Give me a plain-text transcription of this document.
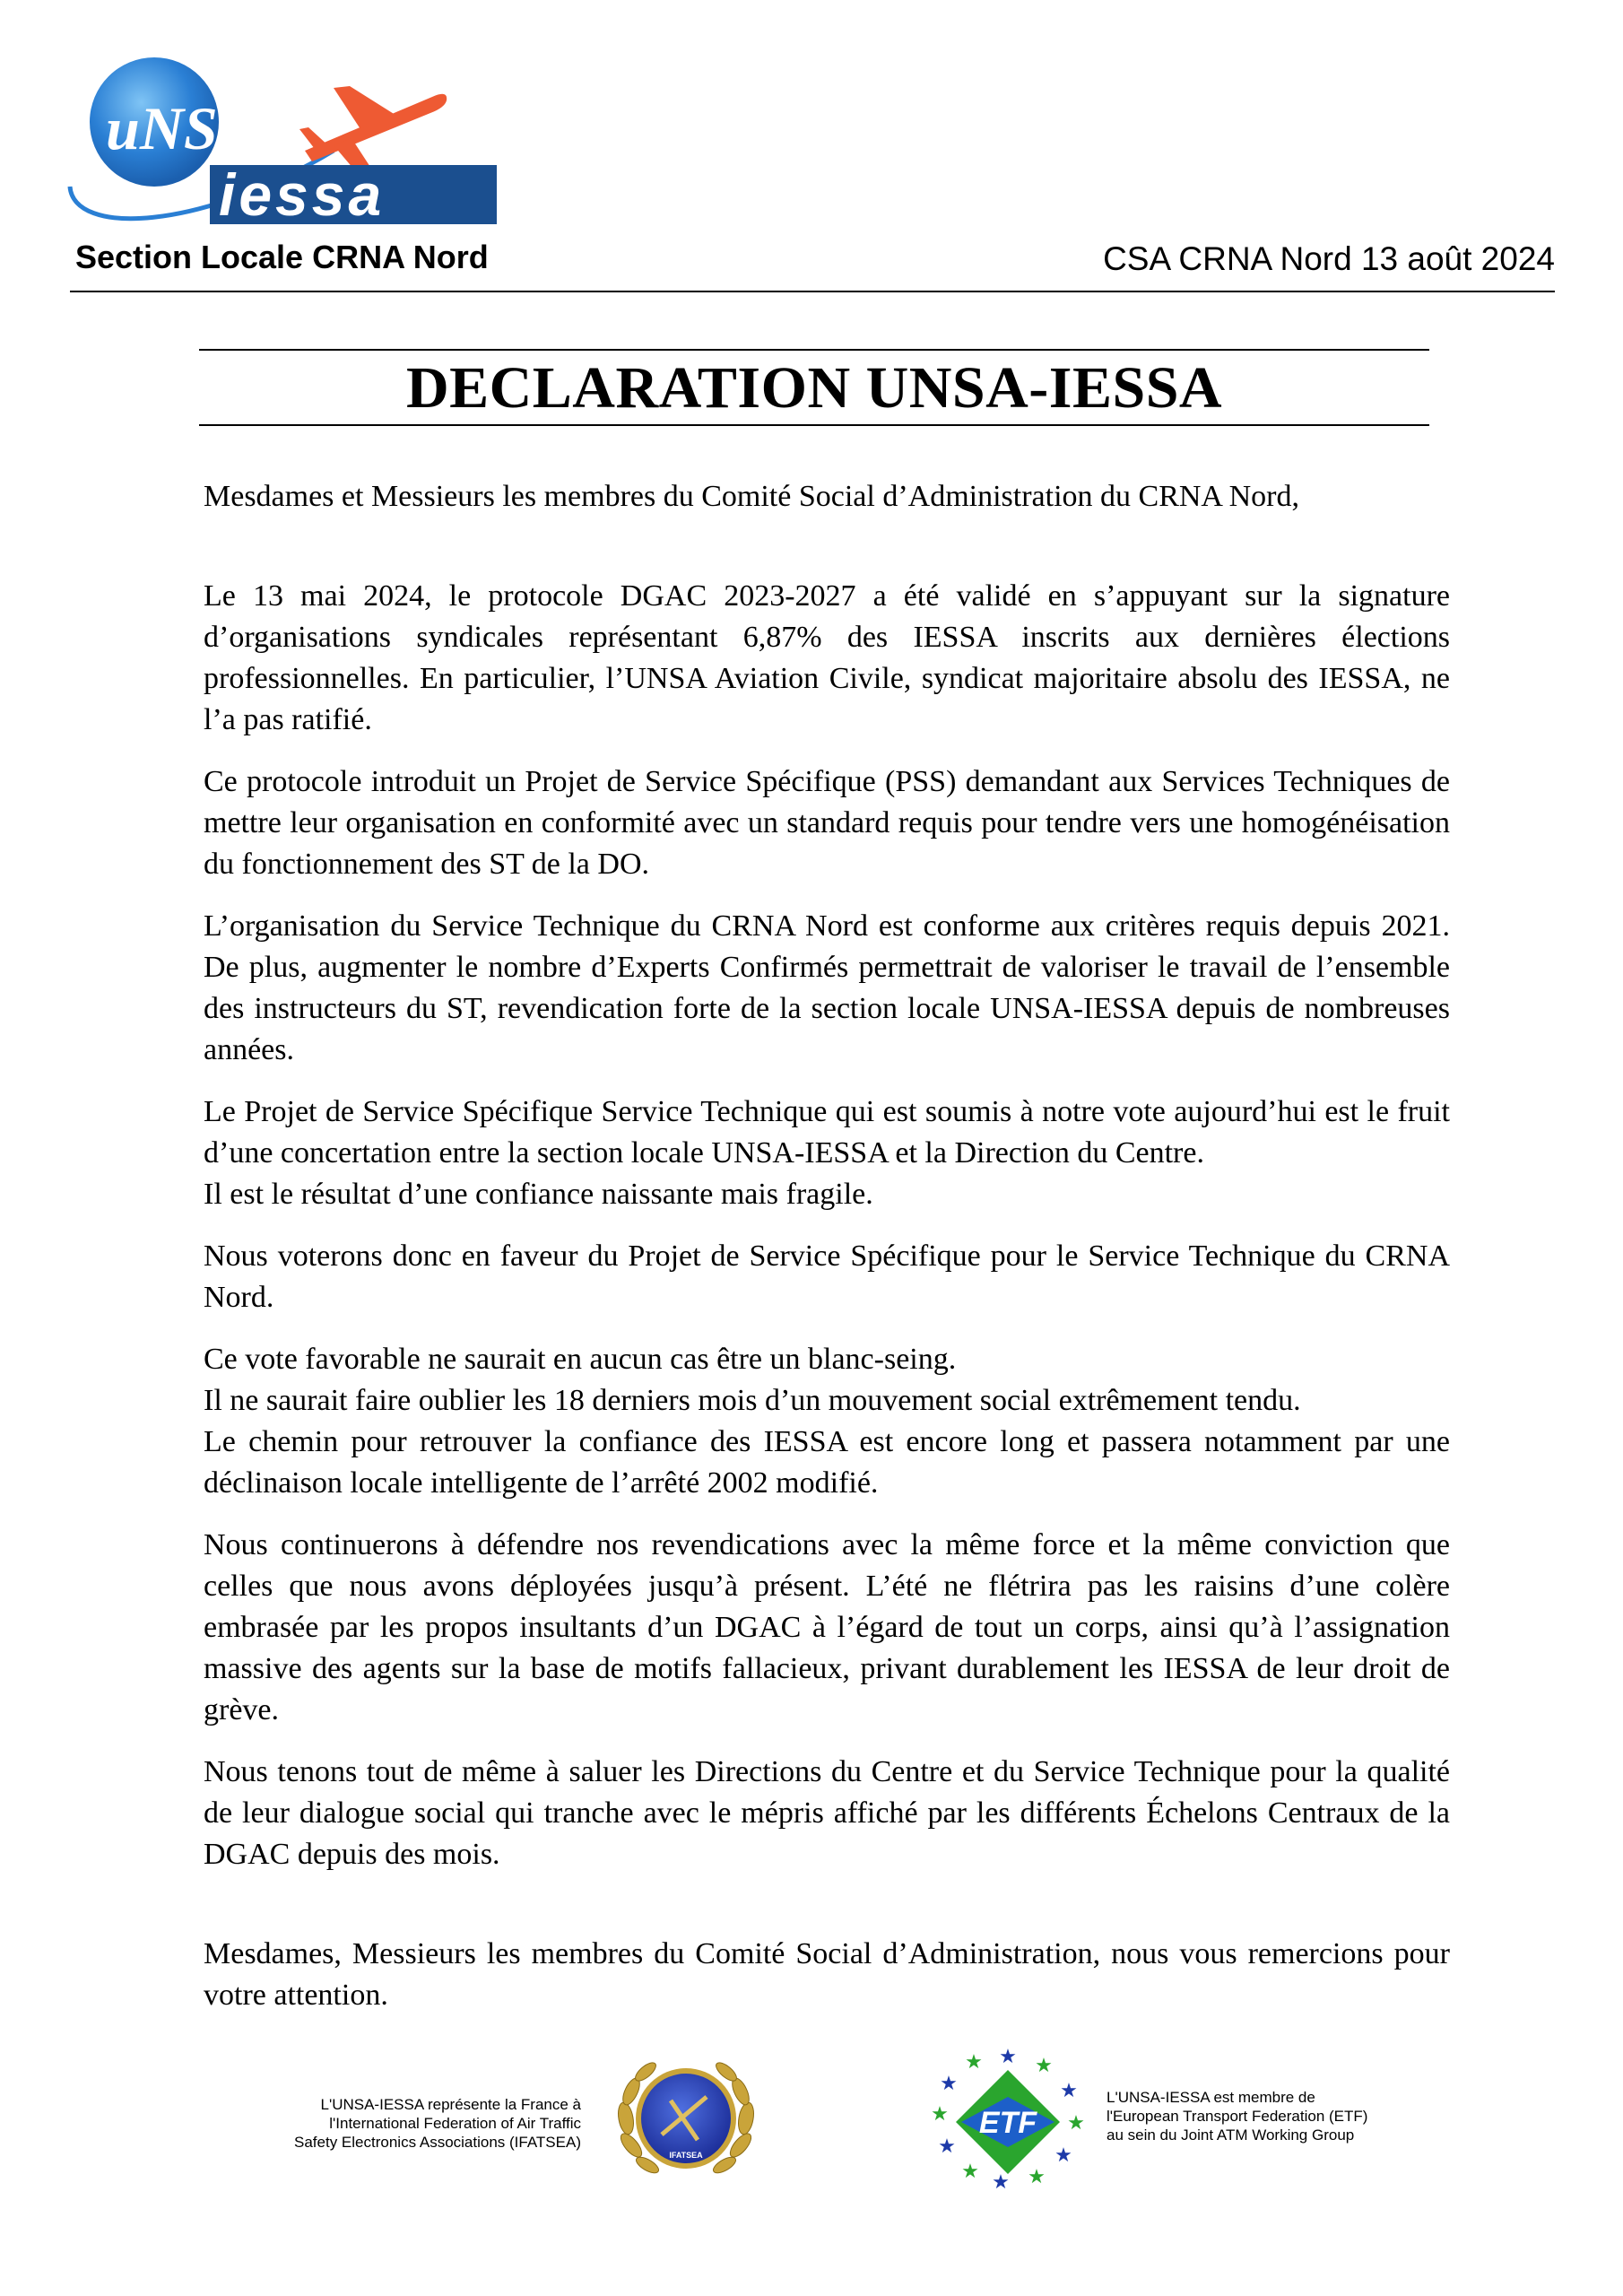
uNSa
iessa
Section Locale CRNA Nord	CSA CRNA Nord 13 août 2024
DECLARATION UNSA-IESSA

Mesdames et Messieurs les membres du Comité Social d’Administration du CRNA Nord,

Le 13 mai 2024, le protocole DGAC 2023-2027 a été validé en s’appuyant sur la signature d’organisations syndicales représentant 6,87% des IESSA inscrits aux dernières élections professionnelles. En particulier, l’UNSA Aviation Civile, syndicat majoritaire absolu des IESSA, ne l’a pas ratifié.

Ce protocole introduit un Projet de Service Spécifique (PSS) demandant aux Services Techniques de mettre leur organisation en conformité avec un standard requis pour tendre vers une homogénéisation du fonctionnement des ST de la DO.

L’organisation du Service Technique du CRNA Nord est conforme aux critères requis depuis 2021. De plus, augmenter le nombre d’Experts Confirmés permettrait de valoriser le travail de l’ensemble des instructeurs du ST, revendication forte de la section locale UNSA-IESSA depuis de nombreuses années.

Le Projet de Service Spécifique Service Technique qui est soumis à notre vote aujourd’hui est le fruit d’une concertation entre la section locale UNSA-IESSA et la Direction du Centre.
Il est le résultat d’une confiance naissante mais fragile.

Nous voterons donc en faveur du Projet de Service Spécifique pour le Service Technique du CRNA Nord.

Ce vote favorable ne saurait en aucun cas être un blanc-seing.
Il ne saurait faire oublier les 18 derniers mois d’un mouvement social extrêmement tendu.
Le chemin pour retrouver la confiance des IESSA est encore long et passera notamment par une déclinaison locale intelligente de l’arrêté 2002 modifié.

Nous continuerons à défendre nos revendications avec la même force et la même conviction que celles que nous avons déployées jusqu’à présent. L’été ne flétrira pas les raisins d’une colère embrasée par les propos insultants d’un DGAC à l’égard de tout un corps, ainsi qu’à l’assignation massive des agents sur la base de motifs fallacieux, privant durablement les IESSA de leur droit de grève.

Nous tenons tout de même à saluer les Directions du Centre et du Service Technique pour la qualité de leur dialogue social qui tranche avec le mépris affiché par les différents Échelons Centraux de la DGAC depuis des mois.

Mesdames, Messieurs les membres du Comité Social d’Administration, nous vous remercions pour votre attention.

L'UNSA-IESSA représente la France à
l'International Federation of Air Traffic
Safety Electronics Associations (IFATSEA)
IFATSEA
★ ★
★
★
★
★
★
★
★
★
★
★
ETF
L'UNSA-IESSA est membre de
l'European Transport Federation (ETF)
au sein du Joint ATM Working Group
